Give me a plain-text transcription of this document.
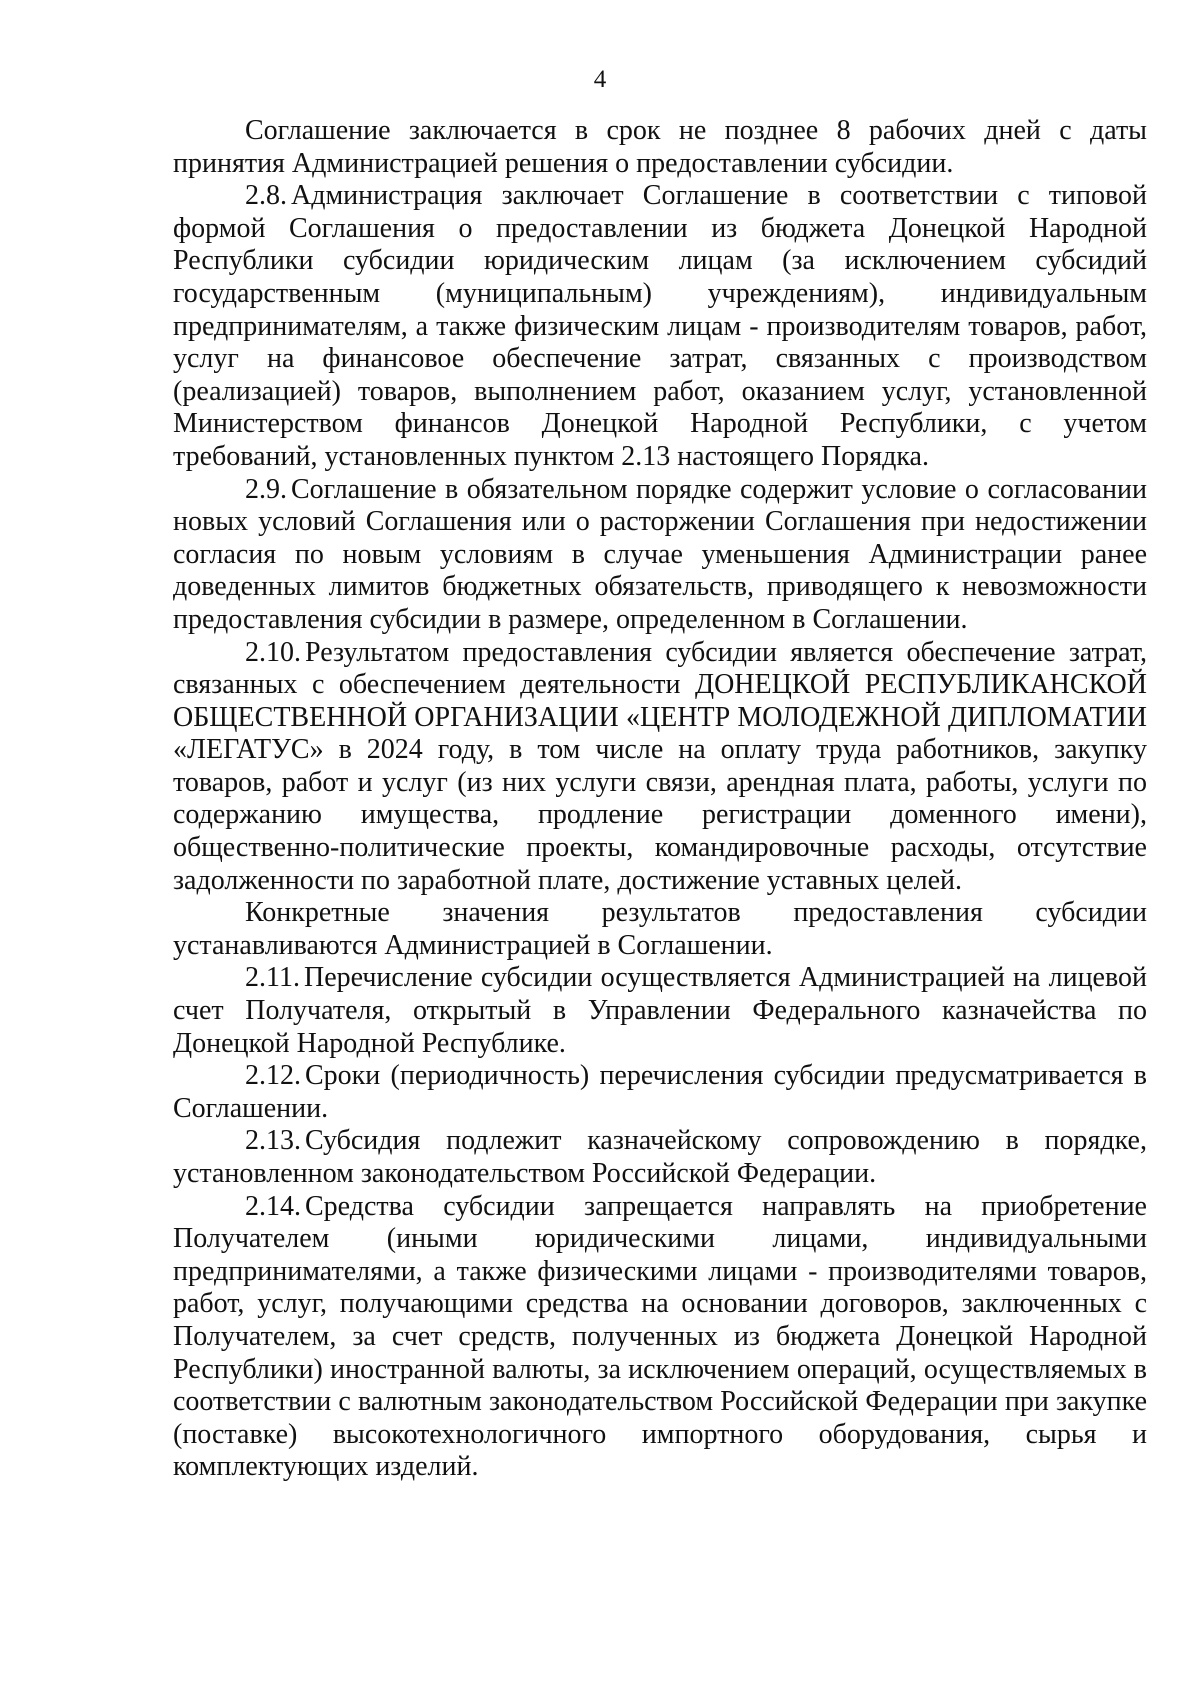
4

Соглашение заключается в срок не позднее 8 рабочих дней с даты принятия Администрацией решения о предоставлении субсидии.

2.8. Администрация заключает Соглашение в соответствии с типовой формой Соглашения о предоставлении из бюджета Донецкой Народной Республики субсидии юридическим лицам (за исключением субсидий государственным (муниципальным) учреждениям), индивидуальным предпринимателям, а также физическим лицам - производителям товаров, работ, услуг на финансовое обеспечение затрат, связанных с производством (реализацией) товаров, выполнением работ, оказанием услуг, установленной Министерством финансов Донецкой Народной Республики, с учетом требований, установленных пунктом 2.13 настоящего Порядка.

2.9. Соглашение в обязательном порядке содержит условие о согласовании новых условий Соглашения или о расторжении Соглашения при недостижении согласия по новым условиям в случае уменьшения Администрации ранее доведенных лимитов бюджетных обязательств, приводящего к невозможности предоставления субсидии в размере, определенном в Соглашении.

2.10. Результатом предоставления субсидии является обеспечение затрат, связанных с обеспечением деятельности ДОНЕЦКОЙ РЕСПУБЛИКАНСКОЙ ОБЩЕСТВЕННОЙ ОРГАНИЗАЦИИ «ЦЕНТР МОЛОДЕЖНОЙ ДИПЛОМАТИИ «ЛЕГАТУС» в 2024 году, в том числе на оплату труда работников, закупку товаров, работ и услуг (из них услуги связи, арендная плата, работы, услуги по содержанию имущества, продление регистрации доменного имени), общественно-политические проекты, командировочные расходы, отсутствие задолженности по заработной плате, достижение уставных целей.

Конкретные значения результатов предоставления субсидии устанавливаются Администрацией в Соглашении.

2.11. Перечисление субсидии осуществляется Администрацией на лицевой счет Получателя, открытый в Управлении Федерального казначейства по Донецкой Народной Республике.

2.12. Сроки (периодичность) перечисления субсидии предусматривается в Соглашении.

2.13. Субсидия подлежит казначейскому сопровождению в порядке, установленном законодательством Российской Федерации.

2.14. Средства субсидии запрещается направлять на приобретение Получателем (иными юридическими лицами, индивидуальными предпринимателями, а также физическими лицами - производителями товаров, работ, услуг, получающими средства на основании договоров, заключенных с Получателем, за счет средств, полученных из бюджета Донецкой Народной Республики) иностранной валюты, за исключением операций, осуществляемых в соответствии с валютным законодательством Российской Федерации при закупке (поставке) высокотехнологичного импортного оборудования, сырья и комплектующих изделий.
